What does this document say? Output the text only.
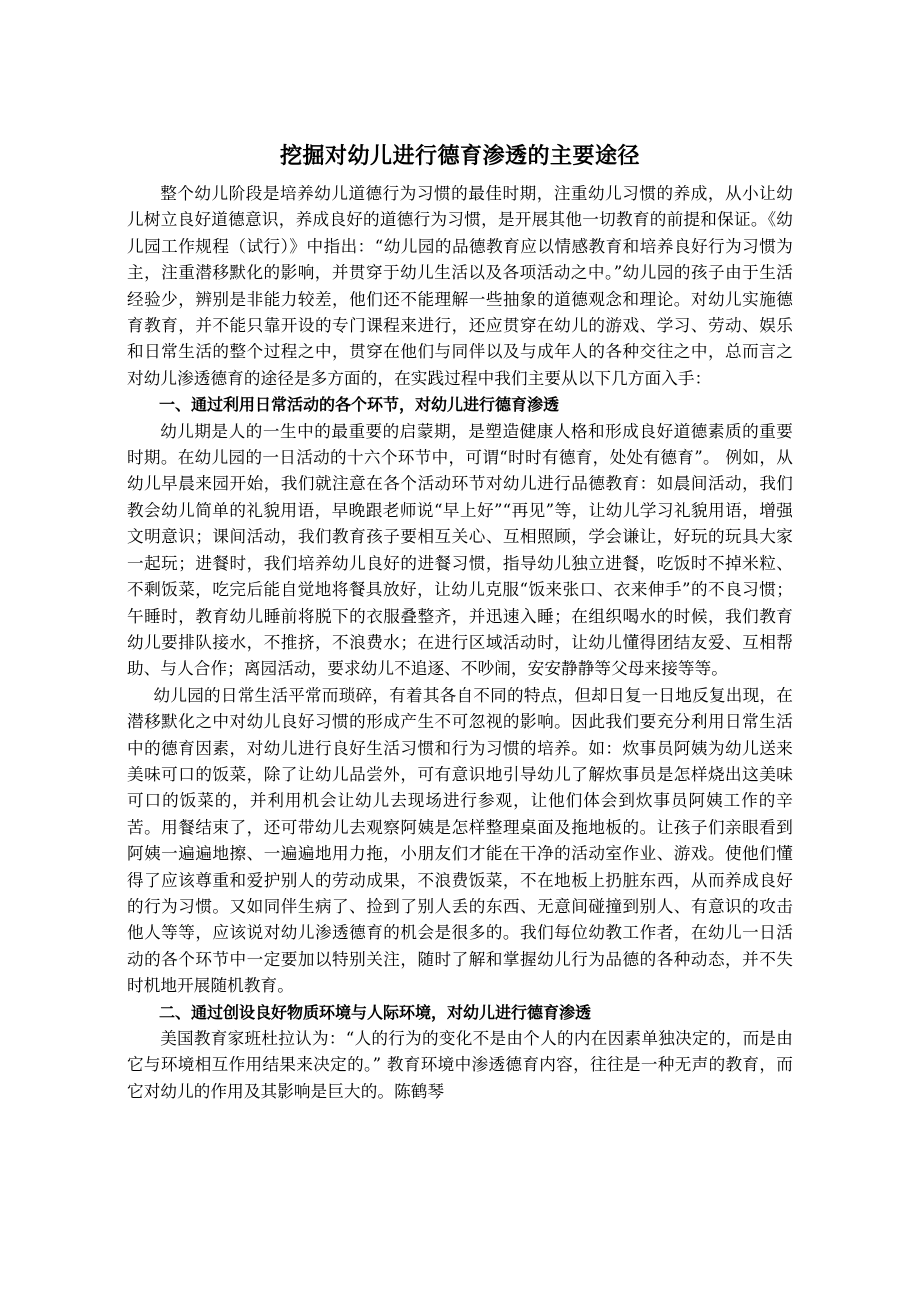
挖掘对幼儿进行德育渗透的主要途径

整个幼儿阶段是培养幼儿道德行为习惯的最佳时期，注重幼儿习惯的养成，从小让幼儿树立良好道德意识，养成良好的道德行为习惯，是开展其他一切教育的前提和保证。《幼儿园工作规程（试行）》中指出：“幼儿园的品德教育应以情感教育和培养良好行为习惯为主，注重潜移默化的影响，并贯穿于幼儿生活以及各项活动之中。”幼儿园的孩子由于生活经验少，辨别是非能力较差，他们还不能理解一些抽象的道德观念和理论。对幼儿实施德育教育，并不能只靠开设的专门课程来进行，还应贯穿在幼儿的游戏、学习、劳动、娱乐和日常生活的整个过程之中，贯穿在他们与同伴以及与成年人的各种交往之中，总而言之对幼儿渗透德育的途径是多方面的，在实践过程中我们主要从以下几方面入手：

一、通过利用日常活动的各个环节，对幼儿进行德育渗透

幼儿期是人的一生中的最重要的启蒙期，是塑造健康人格和形成良好道德素质的重要时期。在幼儿园的一日活动的十六个环节中，可谓“时时有德育，处处有德育”。 例如，从幼儿早晨来园开始，我们就注意在各个活动环节对幼儿进行品德教育：如晨间活动，我们教会幼儿简单的礼貌用语，早晚跟老师说“早上好”“再见”等，让幼儿学习礼貌用语，增强文明意识；课间活动，我们教育孩子要相互关心、互相照顾，学会谦让，好玩的玩具大家一起玩；进餐时，我们培养幼儿良好的进餐习惯，指导幼儿独立进餐，吃饭时不掉米粒、不剩饭菜，吃完后能自觉地将餐具放好，让幼儿克服“饭来张口、衣来伸手”的不良习惯；午睡时，教育幼儿睡前将脱下的衣服叠整齐，并迅速入睡；在组织喝水的时候，我们教育幼儿要排队接水，不推挤，不浪费水；在进行区域活动时，让幼儿懂得团结友爱、互相帮助、与人合作；离园活动，要求幼儿不追逐、不吵闹，安安静静等父母来接等等。

幼儿园的日常生活平常而琐碎，有着其各自不同的特点，但却日复一日地反复出现，在潜移默化之中对幼儿良好习惯的形成产生不可忽视的影响。因此我们要充分利用日常生活中的德育因素，对幼儿进行良好生活习惯和行为习惯的培养。如：炊事员阿姨为幼儿送来美味可口的饭菜，除了让幼儿品尝外，可有意识地引导幼儿了解炊事员是怎样烧出这美味可口的饭菜的，并利用机会让幼儿去现场进行参观，让他们体会到炊事员阿姨工作的辛苦。用餐结束了，还可带幼儿去观察阿姨是怎样整理桌面及拖地板的。让孩子们亲眼看到阿姨一遍遍地擦、一遍遍地用力拖，小朋友们才能在干净的活动室作业、游戏。使他们懂得了应该尊重和爱护别人的劳动成果，不浪费饭菜，不在地板上扔脏东西，从而养成良好的行为习惯。又如同伴生病了、捡到了别人丢的东西、无意间碰撞到别人、有意识的攻击他人等等，应该说对幼儿渗透德育的机会是很多的。我们每位幼教工作者，在幼儿一日活动的各个环节中一定要加以特别关注，随时了解和掌握幼儿行为品德的各种动态，并不失时机地开展随机教育。

二、通过创设良好物质环境与人际环境，对幼儿进行德育渗透

美国教育家班杜拉认为：“人的行为的变化不是由个人的内在因素单独决定的，而是由它与环境相互作用结果来决定的。” 教育环境中渗透德育内容，往往是一种无声的教育，而它对幼儿的作用及其影响是巨大的。陈鹤琴
